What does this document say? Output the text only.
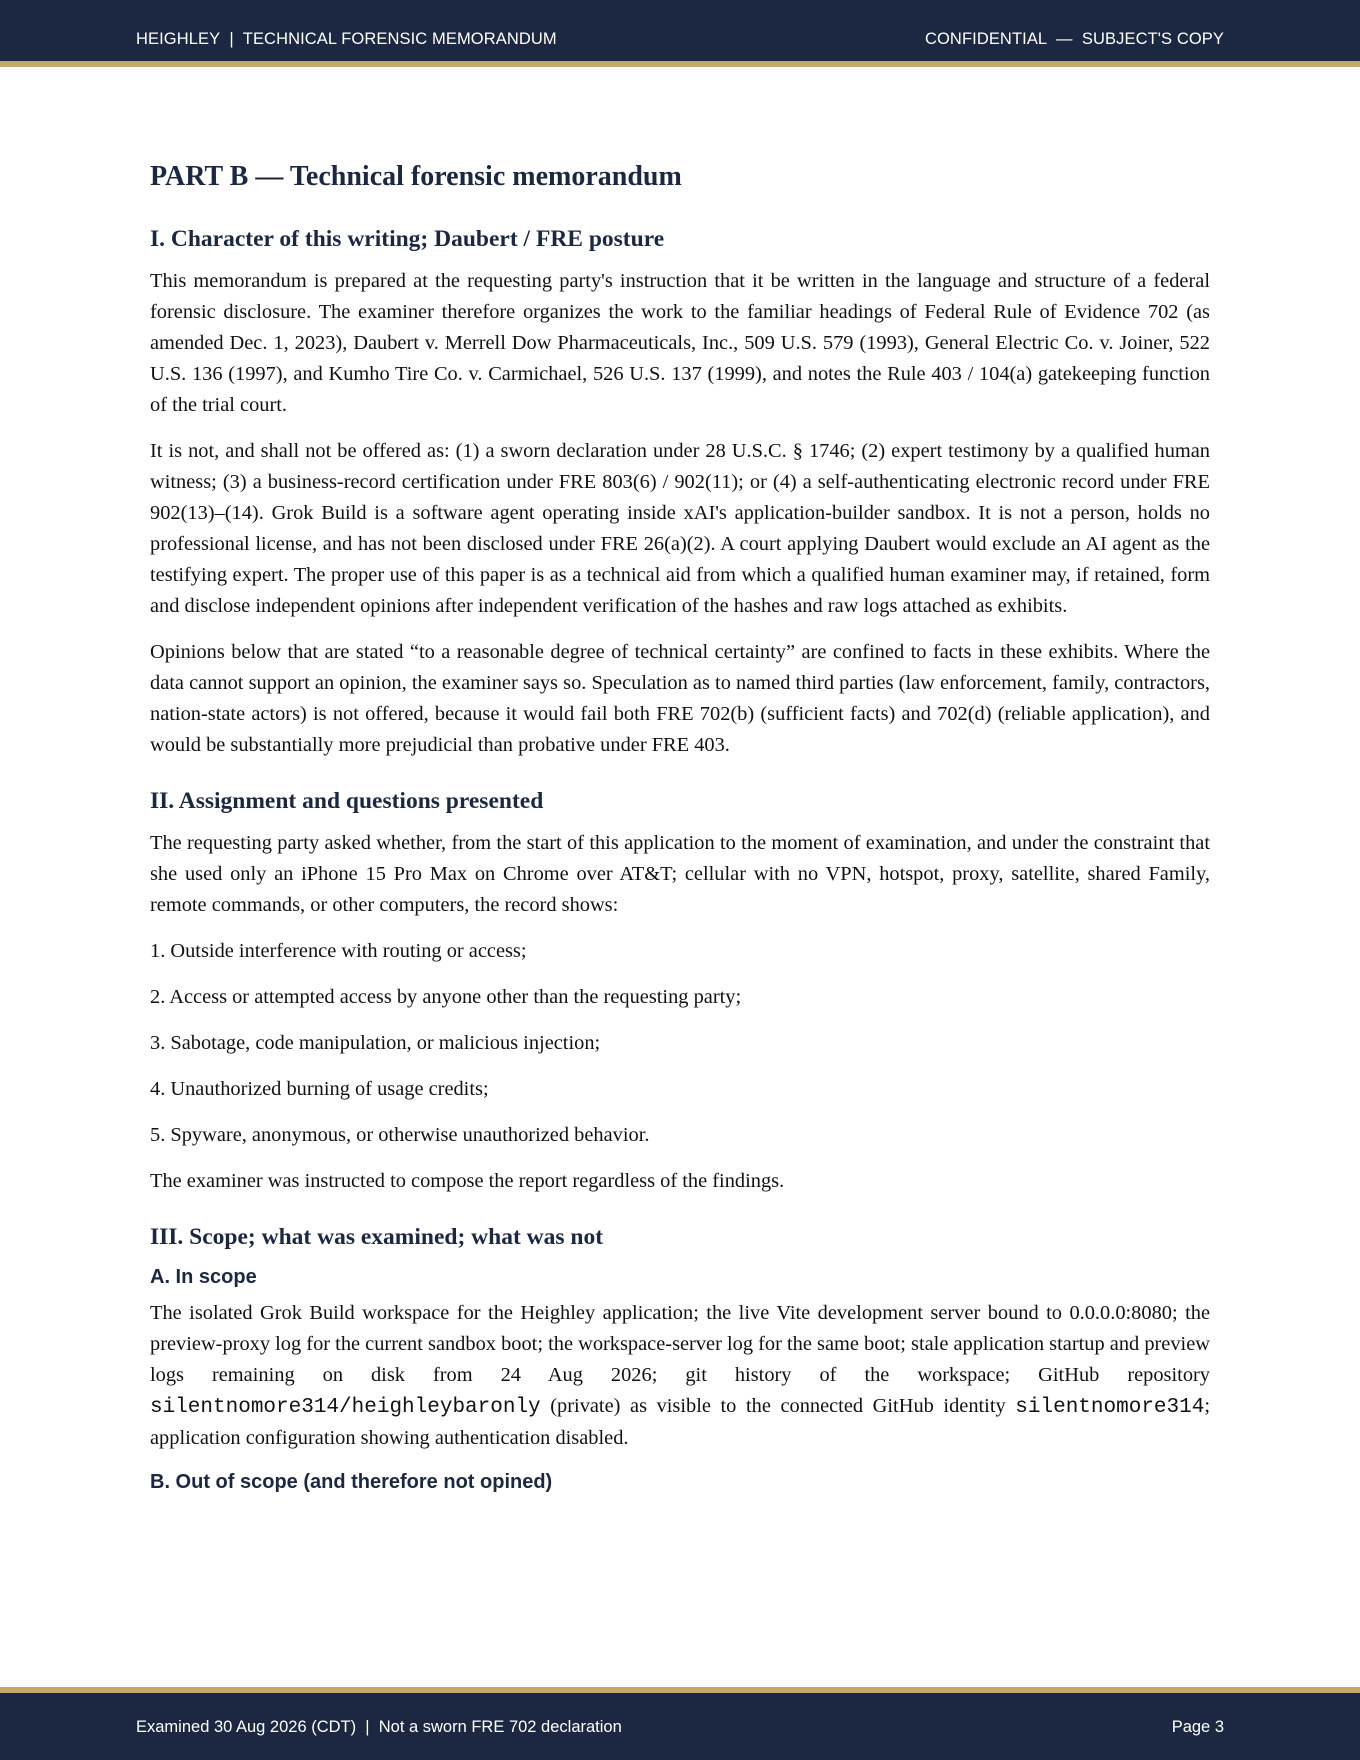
HEIGHLEY  |  TECHNICAL FORENSIC MEMORANDUM	CONFIDENTIAL  —  SUBJECT'S COPY
PART B — Technical forensic memorandum
I. Character of this writing; Daubert / FRE posture

This memorandum is prepared at the requesting party's instruction that it be written in the language and structure of a federal forensic disclosure. The examiner therefore organizes the work to the familiar headings of Federal Rule of Evidence 702 (as amended Dec. 1, 2023), Daubert v. Merrell Dow Pharmaceuticals, Inc., 509 U.S. 579 (1993), General Electric Co. v. Joiner, 522 U.S. 136 (1997), and Kumho Tire Co. v. Carmichael, 526 U.S. 137 (1999), and notes the Rule 403 / 104(a) gatekeeping function of the trial court.

It is not, and shall not be offered as: (1) a sworn declaration under 28 U.S.C. § 1746; (2) expert testimony by a qualified human witness; (3) a business-record certification under FRE 803(6) / 902(11); or (4) a self-authenticating electronic record under FRE 902(13)–(14). Grok Build is a software agent operating inside xAI's application-builder sandbox. It is not a person, holds no professional license, and has not been disclosed under FRE 26(a)(2). A court applying Daubert would exclude an AI agent as the testifying expert. The proper use of this paper is as a technical aid from which a qualified human examiner may, if retained, form and disclose independent opinions after independent verification of the hashes and raw logs attached as exhibits.

Opinions below that are stated “to a reasonable degree of technical certainty” are confined to facts in these exhibits. Where the data cannot support an opinion, the examiner says so. Speculation as to named third parties (law enforcement, family, contractors, nation-state actors) is not offered, because it would fail both FRE 702(b) (sufficient facts) and 702(d) (reliable application), and would be substantially more prejudicial than probative under FRE 403.

II. Assignment and questions presented

The requesting party asked whether, from the start of this application to the moment of examination, and under the constraint that she used only an iPhone 15 Pro Max on Chrome over AT&T; cellular with no VPN, hotspot, proxy, satellite, shared Family, remote commands, or other computers, the record shows:

1. Outside interference with routing or access;

2. Access or attempted access by anyone other than the requesting party;

3. Sabotage, code manipulation, or malicious injection;

4. Unauthorized burning of usage credits;

5. Spyware, anonymous, or otherwise unauthorized behavior.

The examiner was instructed to compose the report regardless of the findings.

III. Scope; what was examined; what was not
A. In scope

The isolated Grok Build workspace for the Heighley application; the live Vite development server bound to 0.0.0.0:8080; the preview-proxy log for the current sandbox boot; the workspace-server log for the same boot; stale application startup and preview logs remaining on disk from 24 Aug 2026; git history of the workspace; GitHub repository silentnomore314/heighleybaronly (private) as visible to the connected GitHub identity silentnomore314; application configuration showing authentication disabled.

B. Out of scope (and therefore not opined)
Examined 30 Aug 2026 (CDT)  |  Not a sworn FRE 702 declaration	Page 3
